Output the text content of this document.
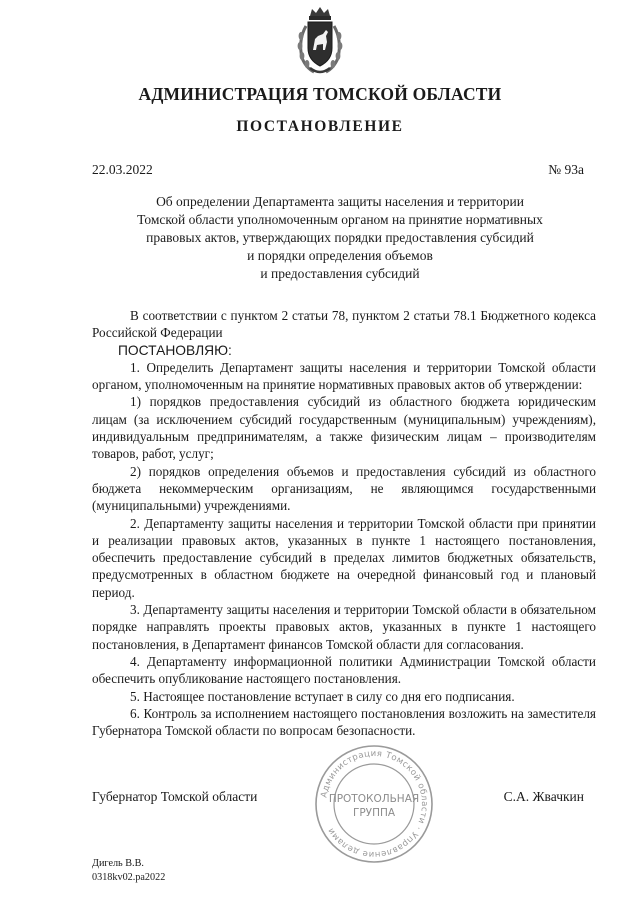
АДМИНИСТРАЦИЯ ТОМСКОЙ ОБЛАСТИ
ПОСТАНОВЛЕНИЕ
22.03.2022	№ 93а
Об определении Департамента защиты населения и территории
Томской области уполномоченным органом на принятие нормативных
правовых актов, утверждающих порядки предоставления субсидий
и порядки определения объемов
и предоставления субсидий

В соответствии с пунктом 2 статьи 78, пунктом 2 статьи 78.1 Бюджетного кодекса Российской Федерации

ПОСТАНОВЛЯЮ:

1. Определить Департамент защиты населения и территории Томской области органом, уполномоченным на принятие нормативных правовых актов об утверждении:

1) порядков предоставления субсидий из областного бюджета юридическим лицам (за исключением субсидий государственным (муниципальным) учреждениям), индивидуальным предпринимателям, а также физическим лицам – производителям товаров, работ, услуг;

2) порядков определения объемов и предоставления субсидий из областного бюджета некоммерческим организациям, не являющимся государственными (муниципальными) учреждениями.

2. Департаменту защиты населения и территории Томской области при принятии и реализации правовых актов, указанных в пункте 1 настоящего постановления, обеспечить предоставление субсидий в пределах лимитов бюджетных обязательств, предусмотренных в областном бюджете на очередной финансовый год и плановый период.

3. Департаменту защиты населения и территории Томской области в обязательном порядке направлять проекты правовых актов, указанных в пункте 1 настоящего постановления, в Департамент финансов Томской области для согласования.

4. Департаменту информационной политики Администрации Томской области обеспечить опубликование настоящего постановления.

5. Настоящее постановление вступает в силу со дня его подписания.

6. Контроль за исполнением настоящего постановления возложить на заместителя Губернатора Томской области по вопросам безопасности.

Губернатор Томской области	С.А. Жвачкин
Администрация Томской области · Управление делами
ПРОТОКОЛЬНАЯ
ГРУППА
Дигель В.В.
0318kv02.pa2022
